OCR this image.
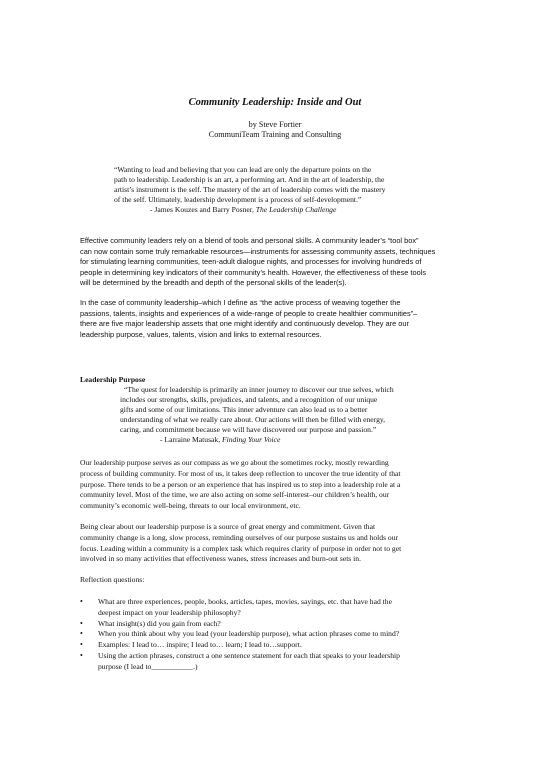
Community Leadership: Inside and Out
by Steve Fortier
CommuniTeam Training and Consulting

“Wanting to lead and believing that you can lead are only the departure points on the

path to leadership. Leadership is an art, a performing art. And in the art of leadership, the

artist’s instrument is the self. The mastery of the art of leadership comes with the mastery

of the self. Ultimately, leadership development is a process of self-development.”

- James Kouzes and Barry Posner, The Leadership Challenge

Effective community leaders rely on a blend of tools and personal skills. A community leader’s “tool box”

can now contain some truly remarkable resources—instruments for assessing community assets, techniques

for stimulating learning communities, teen-adult dialogue nights, and processes for involving hundreds of

people in determining key indicators of their community’s health. However, the effectiveness of these tools

will be determined by the breadth and depth of the personal skills of the leader(s).

In the case of community leadership–which I define as “the active process of weaving together the

passions, talents, insights and experiences of a wide-range of people to create healthier communities”–

there are five major leadership assets that one might identify and continuously develop. They are our

leadership purpose, values, talents, vision and links to external resources.

Leadership Purpose

“The quest for leadership is primarily an inner journey to discover our true selves, which

includes our strengths, skills, prejudices, and talents, and a recognition of our unique

gifts and some of our limitations. This inner adventure can also lead us to a better

understanding of what we really care about. Our actions will then be filled with energy,

caring, and commitment because we will have discovered our purpose and passion.”

- Larraine Matusak, Finding Your Voice

Our leadership purpose serves as our compass as we go about the sometimes rocky, mostly rewarding

process of building community. For most of us, it takes deep reflection to uncover the true identity of that

purpose. There tends to be a person or an experience that has inspired us to step into a leadership role at a

community level. Most of the time, we are also acting on some self-interest–our children’s health, our

community’s economic well-being, threats to our local environment, etc.

Being clear about our leadership purpose is a source of great energy and commitment. Given that

community change is a long, slow process, reminding ourselves of our purpose sustains us and holds our

focus. Leading within a community is a complex task which requires clarity of purpose in order not to get

involved in so many activities that effectiveness wanes, stress increases and burn-out sets in.

Reflection questions:
•	What are three experiences, people, books, articles, tapes, movies, sayings, etc. that have had the
deepest impact on your leadership philosophy?
•	What insight(s) did you gain from each?
•	When you think about why you lead (your leadership purpose), what action phrases come to mind?
•	Examples: I lead to… inspire; I lead to… learn; I lead to…support.
•	Using the action phrases, construct a one sentence statement for each that speaks to your leadership
purpose (I lead to___________.)
